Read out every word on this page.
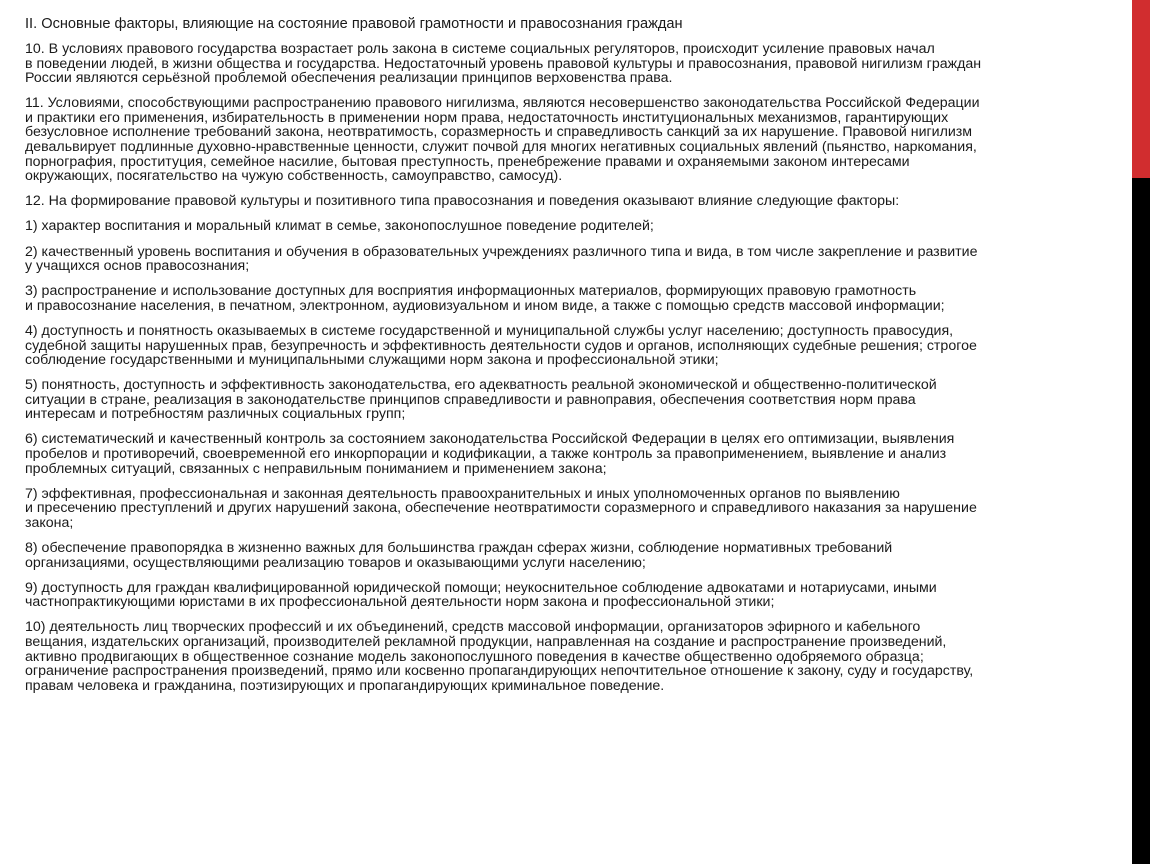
II. Основные факторы, влияющие на состояние правовой грамотности и правосознания граждан
10. В условиях правового государства возрастает роль закона в системе социальных регуляторов, происходит усиление правовых начал
в поведении людей, в жизни общества и государства. Недостаточный уровень правовой культуры и правосознания, правовой нигилизм граждан
России являются серьёзной проблемой обеспечения реализации принципов верховенства права.
11. Условиями, способствующими распространению правового нигилизма, являются несовершенство законодательства Российской Федерации
и практики его применения, избирательность в применении норм права, недостаточность институциональных механизмов, гарантирующих
безусловное исполнение требований закона, неотвратимость, соразмерность и справедливость санкций за их нарушение. Правовой нигилизм
девальвирует подлинные духовно-нравственные ценности, служит почвой для многих негативных социальных явлений (пьянство, наркомания,
порнография, проституция, семейное насилие, бытовая преступность, пренебрежение правами и охраняемыми законом интересами
окружающих, посягательство на чужую собственность, самоуправство, самосуд).
12. На формирование правовой культуры и позитивного типа правосознания и поведения оказывают влияние следующие факторы:
1) характер воспитания и моральный климат в семье, законопослушное поведение родителей;
2) качественный уровень воспитания и обучения в образовательных учреждениях различного типа и вида, в том числе закрепление и развитие
у учащихся основ правосознания;
3) распространение и использование доступных для восприятия информационных материалов, формирующих правовую грамотность
и правосознание населения, в печатном, электронном, аудиовизуальном и ином виде, а также с помощью средств массовой информации;
4) доступность и понятность оказываемых в системе государственной и муниципальной службы услуг населению; доступность правосудия,
судебной защиты нарушенных прав, безупречность и эффективность деятельности судов и органов, исполняющих судебные решения; строгое
соблюдение государственными и муниципальными служащими норм закона и профессиональной этики;
5) понятность, доступность и эффективность законодательства, его адекватность реальной экономической и общественно-политической
ситуации в стране, реализация в законодательстве принципов справедливости и равноправия, обеспечения соответствия норм права
интересам и потребностям различных социальных групп;
6) систематический и качественный контроль за состоянием законодательства Российской Федерации в целях его оптимизации, выявления
пробелов и противоречий, своевременной его инкорпорации и кодификации, а также контроль за правоприменением, выявление и анализ
проблемных ситуаций, связанных с неправильным пониманием и применением закона;
7) эффективная, профессиональная и законная деятельность правоохранительных и иных уполномоченных органов по выявлению
и пресечению преступлений и других нарушений закона, обеспечение неотвратимости соразмерного и справедливого наказания за нарушение
закона;
8) обеспечение правопорядка в жизненно важных для большинства граждан сферах жизни, соблюдение нормативных требований
организациями, осуществляющими реализацию товаров и оказывающими услуги населению;
9) доступность для граждан квалифицированной юридической помощи; неукоснительное соблюдение адвокатами и нотариусами, иными
частнопрактикующими юристами в их профессиональной деятельности норм закона и профессиональной этики;
10) деятельность лиц творческих профессий и их объединений, средств массовой информации, организаторов эфирного и кабельного
вещания, издательских организаций, производителей рекламной продукции, направленная на создание и распространение произведений,
активно продвигающих в общественное сознание модель законопослушного поведения в качестве общественно одобряемого образца;
ограничение распространения произведений, прямо или косвенно пропагандирующих непочтительное отношение к закону, суду и государству,
правам человека и гражданина, поэтизирующих и пропагандирующих криминальное поведение.
